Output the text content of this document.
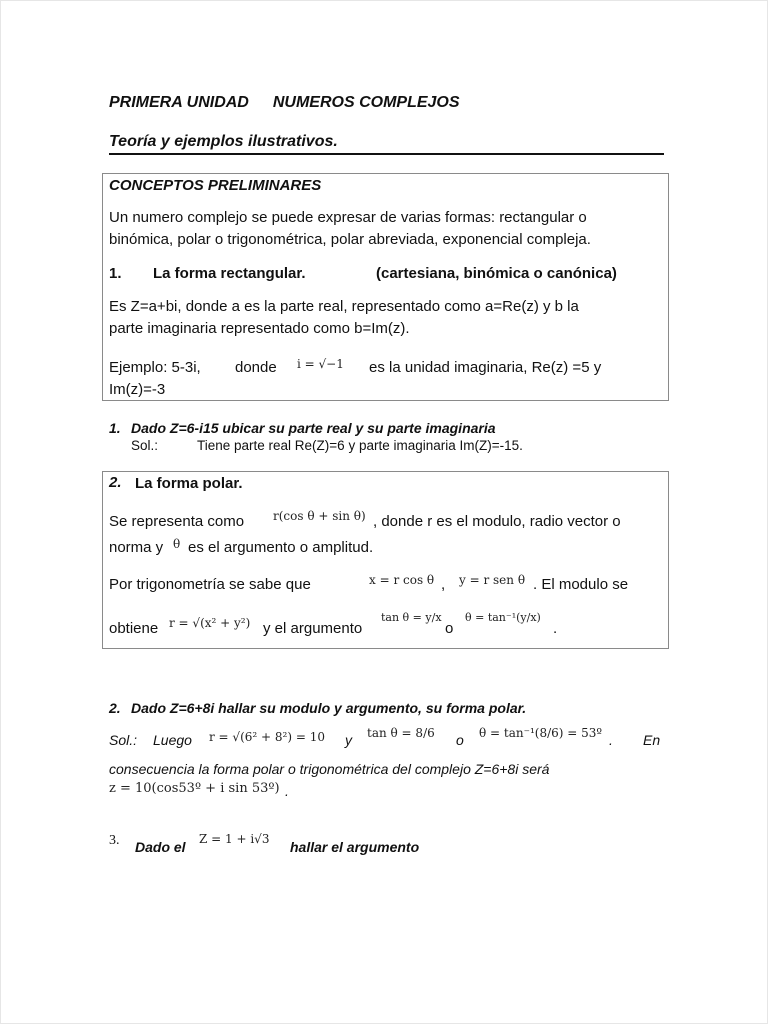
PRIMERA UNIDAD NUMEROS COMPLEJOS
Teoría y ejemplos ilustrativos.
CONCEPTOS PRELIMINARES
Un numero complejo se puede expresar de varias formas: rectangular o
binómica, polar o trigonométrica, polar abreviada, exponencial compleja.
1. La forma rectangular.	(cartesiana, binómica o canónica)
Es Z=a+bi, donde a es la parte real, representado como a=Re(z) y b la
parte imaginaria representado como b=Im(z).
Ejemplo: 5-3i, donde i = √−1 es la unidad imaginaria, Re(z) =5 y
Im(z)=-3
1. Dado Z=6-i15 ubicar su parte real y su parte imaginaria
Sol.:	Tiene parte real Re(Z)=6 y parte imaginaria Im(Z)=-15.
2. La forma polar.
Se representa como r(cos θ + sin θ) , donde r es el modulo, radio vector o
norma y θ es el argumento o amplitud.
Por trigonometría se sabe que	x = r cos θ , y = r sen θ . El modulo se
obtiene r = √(x² + y²) y el argumento
tan θ = y/x
o
θ = tan⁻¹(y/x)
.
2. Dado Z=6+8i hallar su modulo y argumento, su forma polar.
Sol.: Luego r = √(6² + 8²) = 10 y tan θ = 8/6 o θ = tan⁻¹(8/6) = 53º . En
consecuencia la forma polar o trigonométrica del complejo Z=6+8i será
z = 10(cos53º + i sin 53º) .
3. Dado el Z = 1 + i√3 hallar el argumento
